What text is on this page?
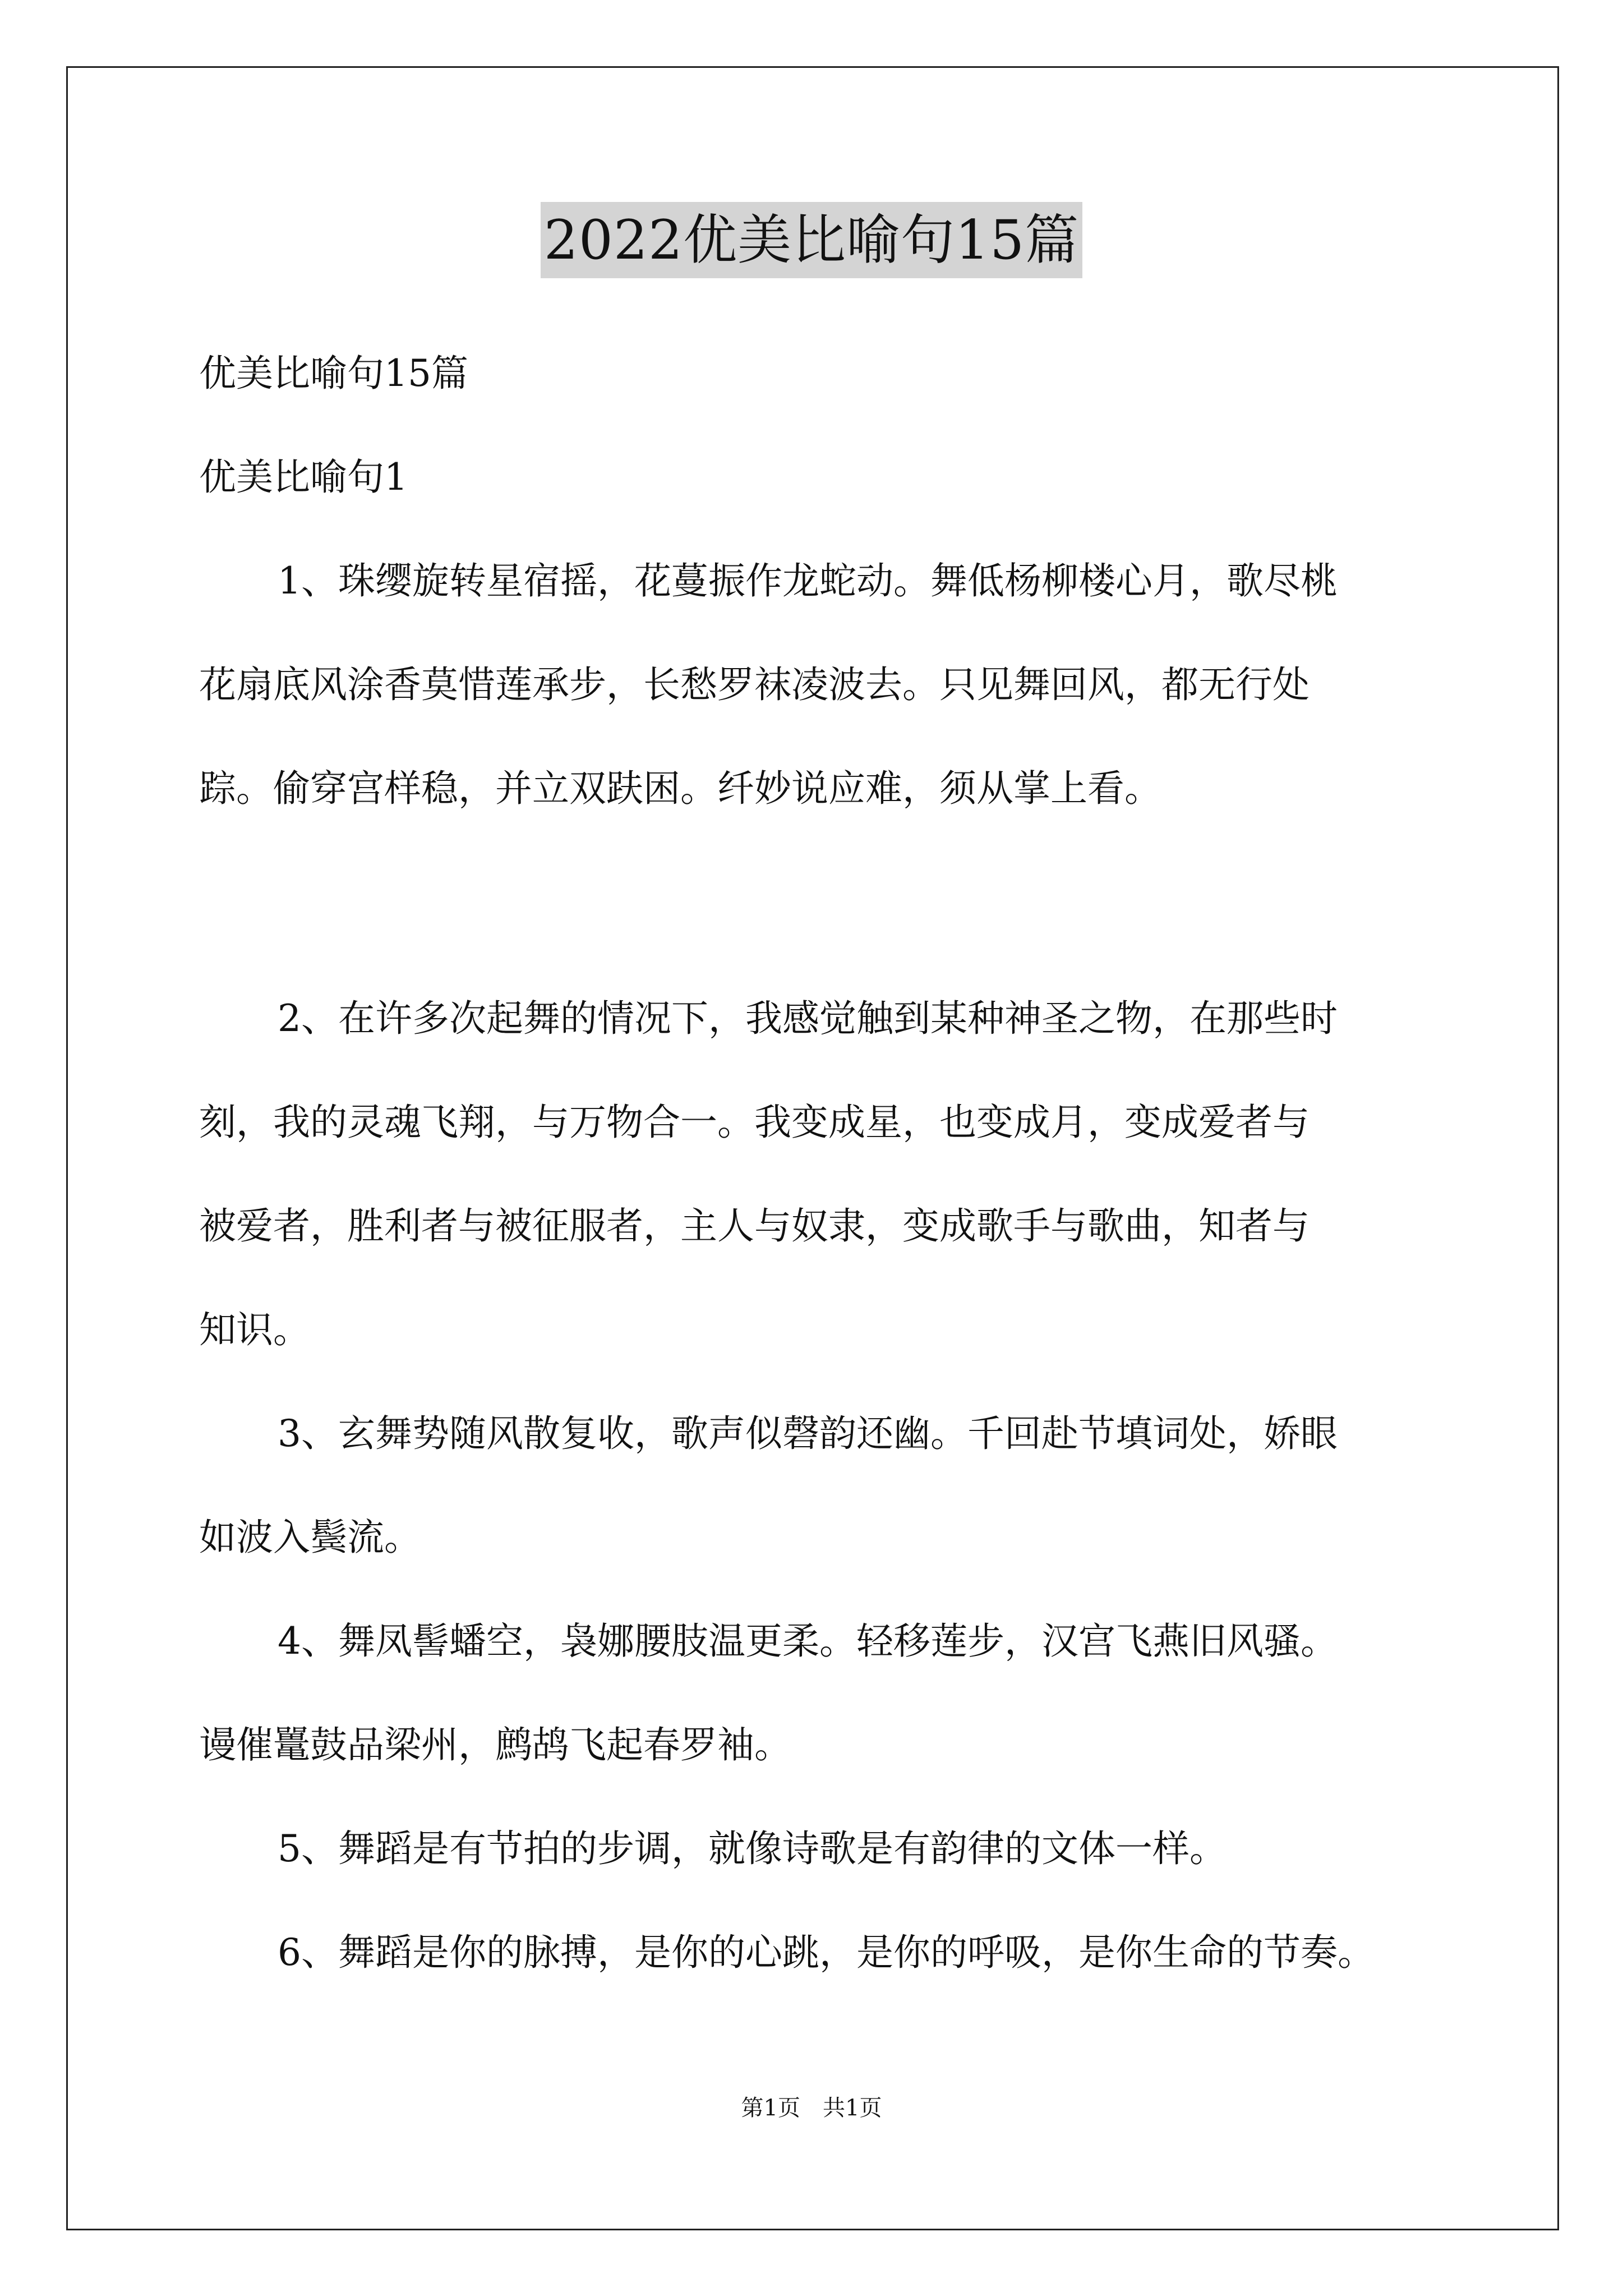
2022优美比喻句15篇
优美比喻句15篇
优美比喻句1
1、珠缨旋转星宿摇，花蔓振作龙蛇动。舞低杨柳楼心月，歌尽桃
花扇底风涂香莫惜莲承步，长愁罗袜凌波去。只见舞回风，都无行处
踪。偷穿宫样稳，并立双趺困。纤妙说应难，须从掌上看。
2、在许多次起舞的情况下，我感觉触到某种神圣之物，在那些时
刻，我的灵魂飞翔，与万物合一。我变成星，也变成月，变成爱者与
被爱者，胜利者与被征服者，主人与奴隶，变成歌手与歌曲，知者与
知识。
3、玄舞势随风散复收，歌声似磬韵还幽。千回赴节填词处，娇眼
如波入鬓流。
4、舞凤髻蟠空，袅娜腰肢温更柔。轻移莲步，汉宫飞燕旧风骚。
谩催鼍鼓品梁州，鹧鸪飞起春罗袖。
5、舞蹈是有节拍的步调，就像诗歌是有韵律的文体一样。
6、舞蹈是你的脉搏，是你的心跳，是你的呼吸，是你生命的节奏。
第1页　共1页
